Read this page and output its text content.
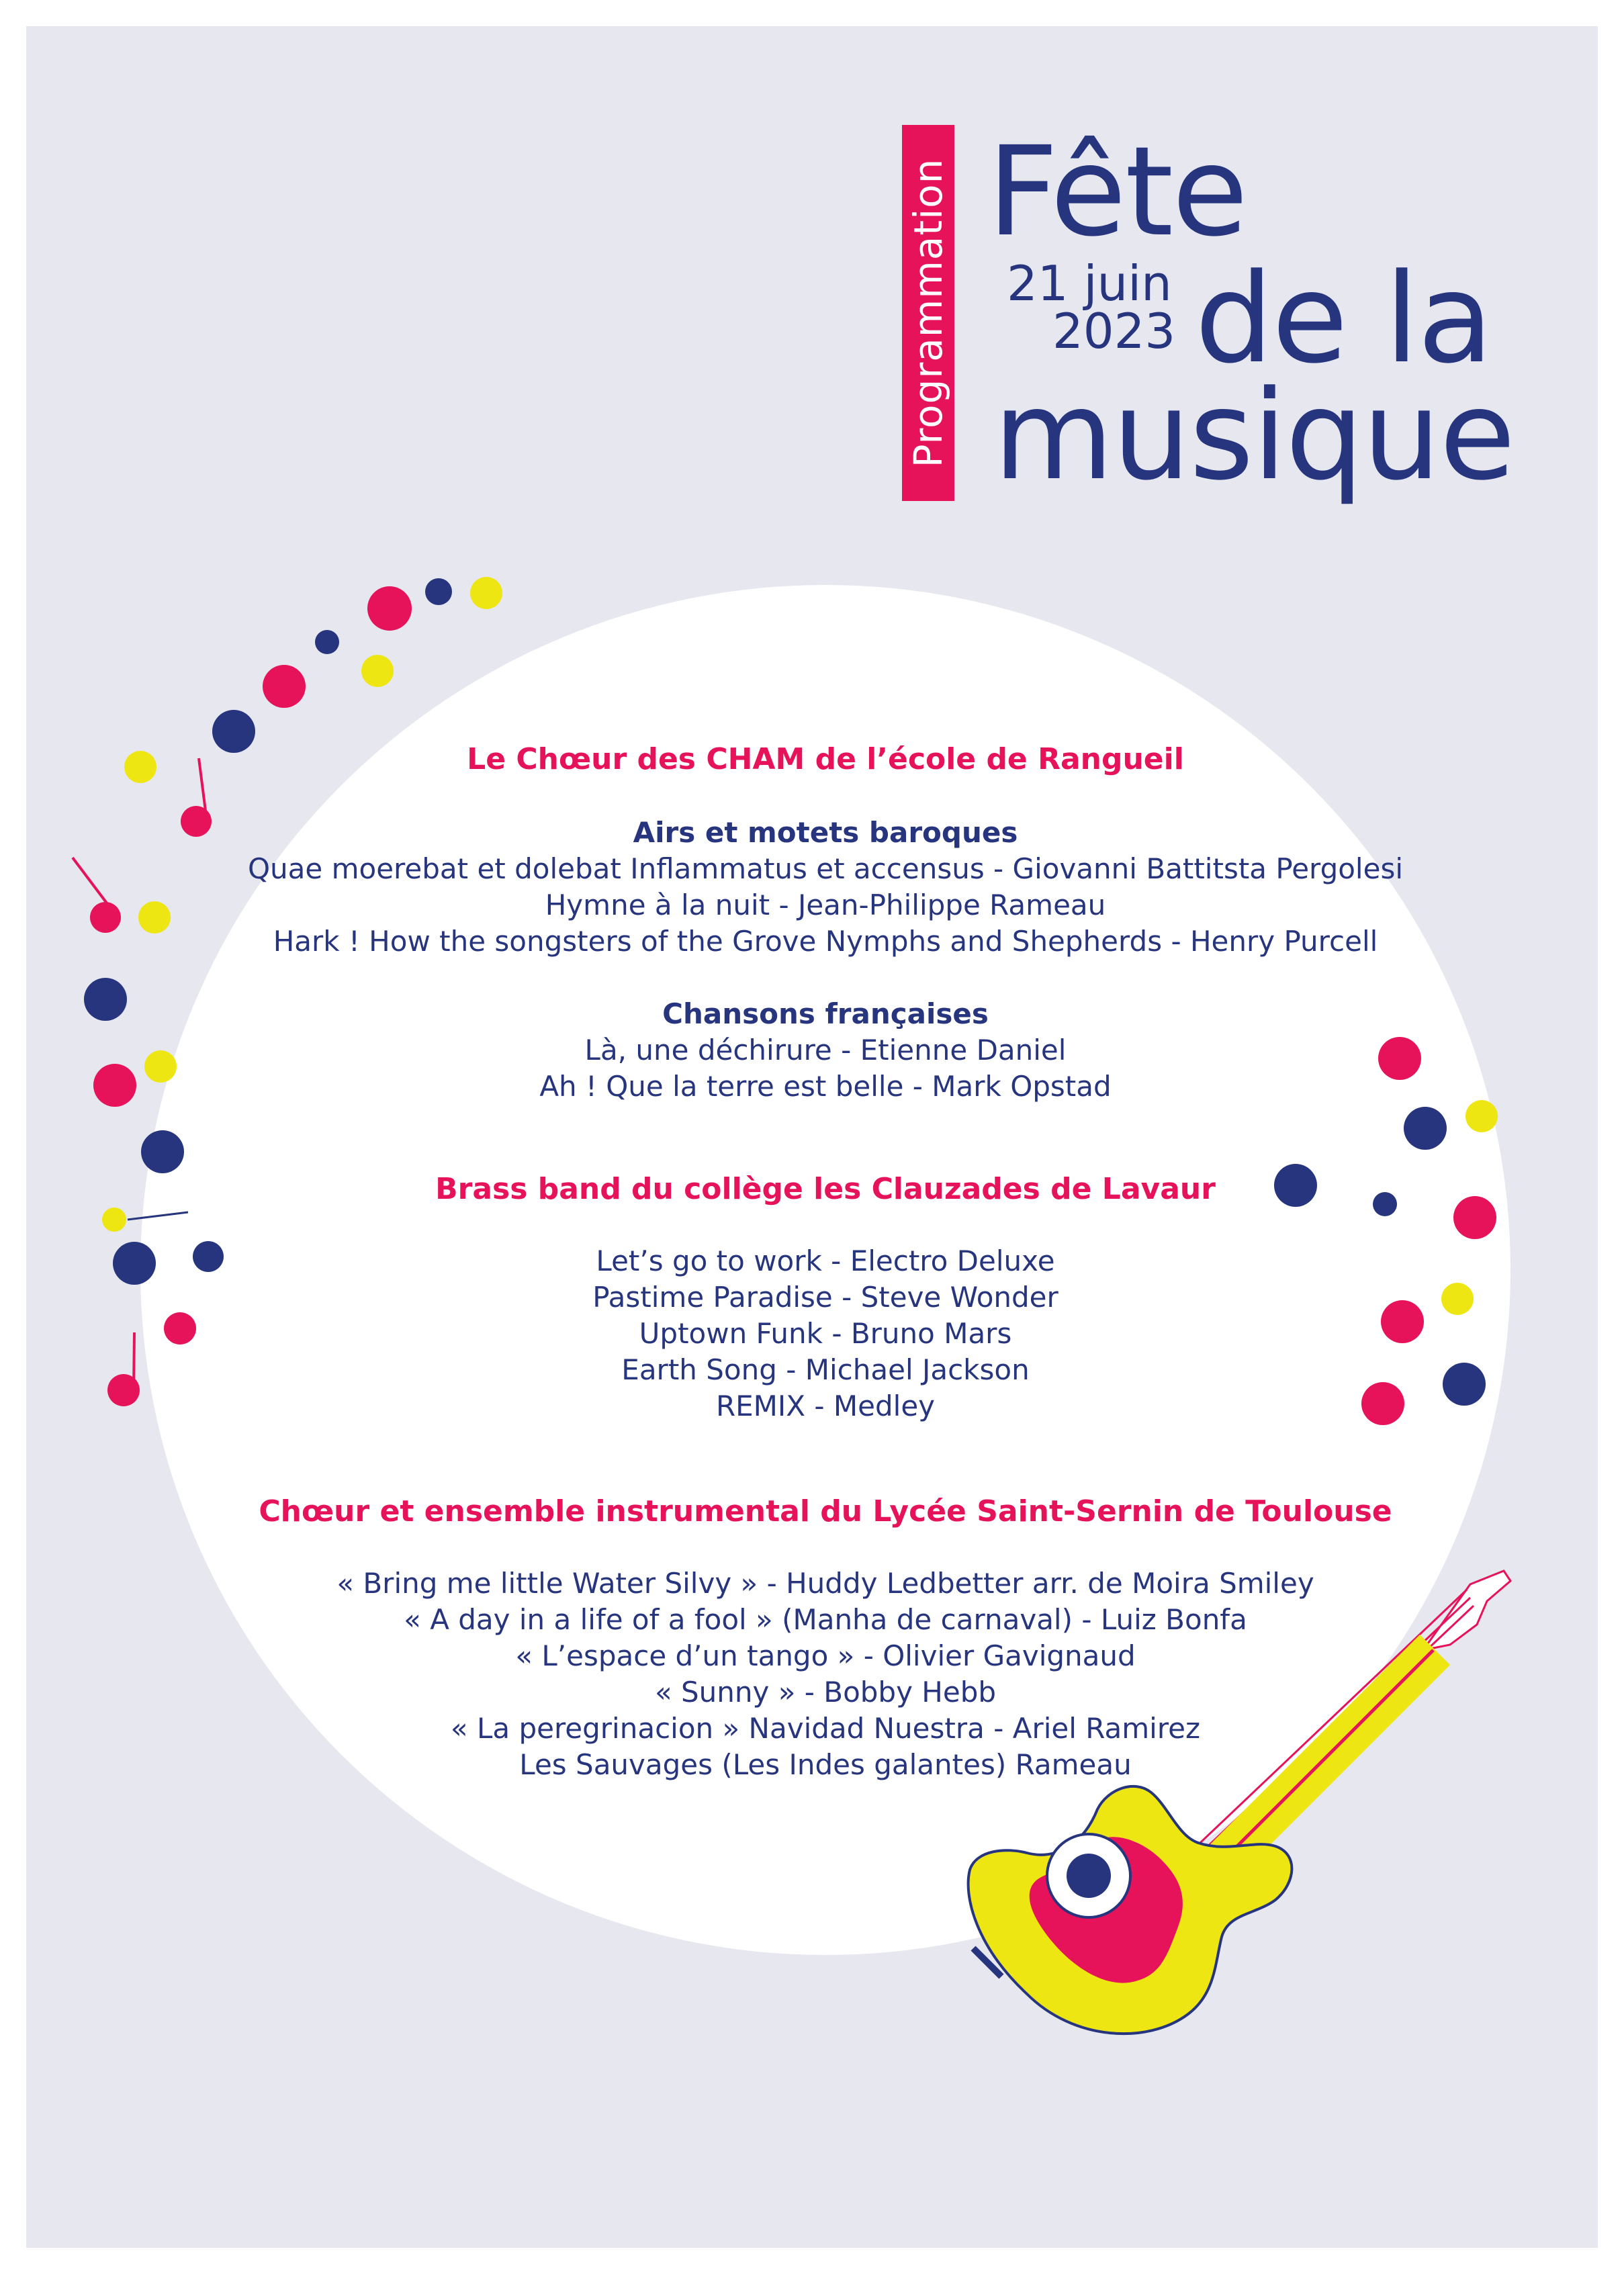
Programmation Fête
de la
musique
21 juin
2023
Le Chœur des CHAM de l’école de Rangueil
Airs et motets baroques
Quae moerebat et dolebat Inflammatus et accensus - Giovanni Battitsta Pergolesi
Hymne à la nuit - Jean-Philippe Rameau
Hark ! How the songsters of the Grove Nymphs and Shepherds - Henry Purcell
Chansons françaises
Là, une déchirure - Etienne Daniel
Ah ! Que la terre est belle - Mark Opstad
Brass band du collège les Clauzades de Lavaur
Let’s go to work - Electro Deluxe
Pastime Paradise - Steve Wonder
Uptown Funk - Bruno Mars
Earth Song - Michael Jackson
REMIX - Medley
Chœur et ensemble instrumental du Lycée Saint-Sernin de Toulouse
« Bring me little Water Silvy » - Huddy Ledbetter arr. de Moira Smiley
« A day in a life of a fool » (Manha de carnaval) - Luiz Bonfa
« L’espace d’un tango » - Olivier Gavignaud
« Sunny » - Bobby Hebb
« La peregrinacion » Navidad Nuestra - Ariel Ramirez
Les Sauvages (Les Indes galantes) Rameau
